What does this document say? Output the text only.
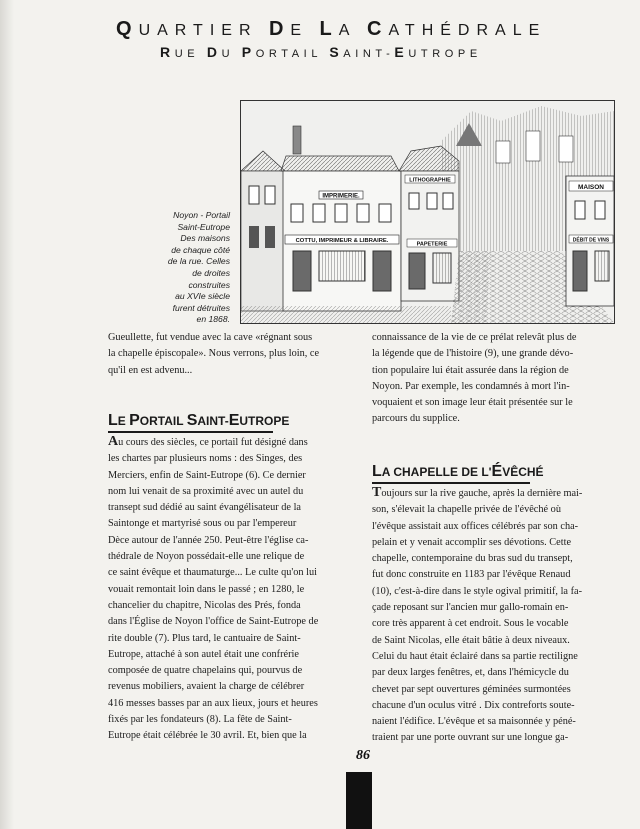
QUARTIER DE LA CATHÉDRALE
RUE DU PORTAIL SAINT-EUTROPE
IMPRIMERIE.
COTTU, IMPRIMEUR & LIBRAIRE.
LITHOGRAPHIE
PAPETERIE
MAISON
DÉBIT DE VINS
Noyon - Portail
Saint-Eutrope
Des maisons
de chaque côté
de la rue. Celles
de droites construites
au XVIe siècle
furent détruites
en 1868.
Gueullette, fut vendue avec la cave «régnant sous
la chapelle épiscopale». Nous verrons, plus loin, ce
qu'il en est advenu...
LE PORTAIL SAINT-EUTROPE
Au cours des siècles, ce portail fut désigné dans
les chartes par plusieurs noms : des Singes, des
Merciers, enfin de Saint-Eutrope (6). Ce dernier
nom lui venait de sa proximité avec un autel du
transept sud dédié au saint évangélisateur de la
Saintonge et martyrisé sous ou par l'empereur
Dèce autour de l'année 250. Peut-être l'église ca-
thédrale de Noyon possédait-elle une relique de
ce saint évêque et thaumaturge... Le culte qu'on lui
vouait remontait loin dans le passé ; en 1280, le
chancelier du chapitre, Nicolas des Prés, fonda
dans l'Église de Noyon l'office de Saint-Eutrope de
rite double (7). Plus tard, le cantuaire de Saint-
Eutrope, attaché à son autel était une confrérie
composée de quatre chapelains qui, pourvus de
revenus mobiliers, avaient la charge de célébrer
416 messes basses par an aux lieux, jours et heures
fixés par les fondateurs (8). La fête de Saint-
Eutrope était célébrée le 30 avril. Et, bien que la
connaissance de la vie de ce prélat relevât plus de
la légende que de l'histoire (9), une grande dévo-
tion populaire lui était assurée dans la région de
Noyon. Par exemple, les condamnés à mort l'in-
voquaient et son image leur était présentée sur le
parcours du supplice.
LA CHAPELLE DE L'ÉVÊCHÉ
Toujours sur la rive gauche, après la dernière mai-
son, s'élevait la chapelle privée de l'évêché où
l'évêque assistait aux offices célébrés par son cha-
pelain et y venait accomplir ses dévotions. Cette
chapelle, contemporaine du bras sud du transept,
fut donc construite en 1183 par l'évêque Renaud
(10), c'est-à-dire dans le style ogival primitif, la fa-
çade reposant sur l'ancien mur gallo-romain en-
core très apparent à cet endroit. Sous le vocable
de Saint Nicolas, elle était bâtie à deux niveaux.
Celui du haut était éclairé dans sa partie rectiligne
par deux larges fenêtres, et, dans l'hémicycle du
chevet par sept ouvertures géminées surmontées
chacune d'un oculus vitré . Dix contreforts soute-
naient l'édifice. L'évêque et sa maisonnée y péné-
traient par une porte ouvrant sur une longue ga-
86
